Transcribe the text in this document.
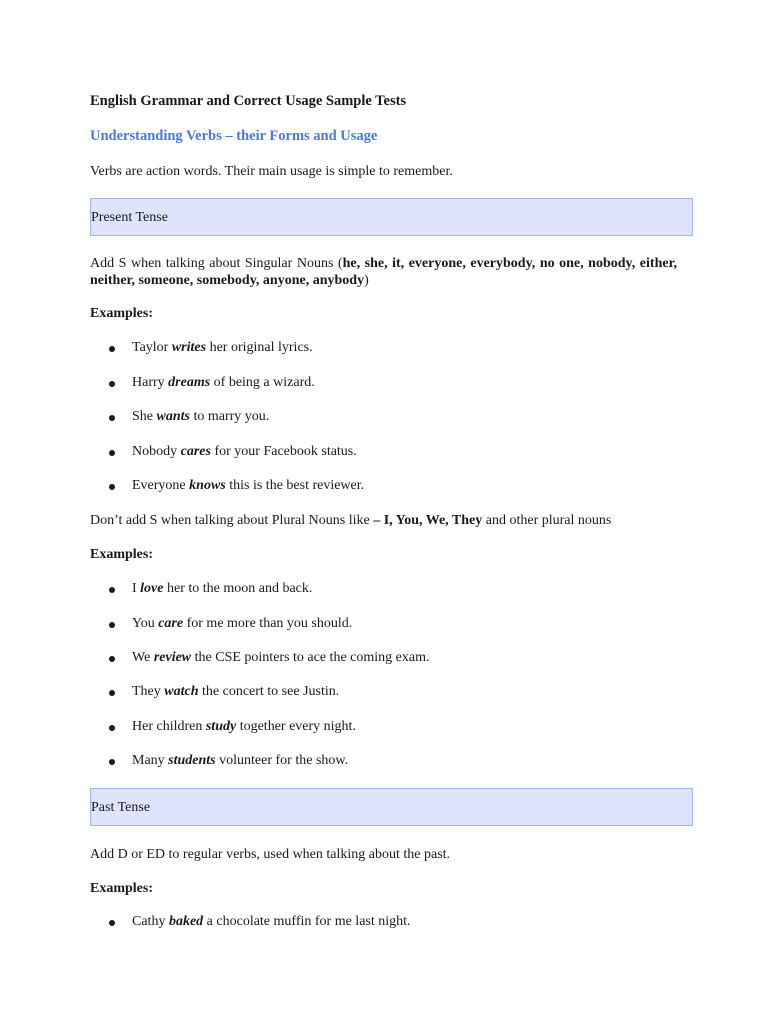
English Grammar and Correct Usage Sample Tests
Understanding Verbs – their Forms and Usage
Verbs are action words. Their main usage is simple to remember.
Present Tense
Add S when talking about Singular Nouns (he, she, it, everyone, everybody, no one, nobody, either, neither, someone, somebody, anyone, anybody)
Examples:
Taylor writes her original lyrics.
Harry dreams of being a wizard.
She wants to marry you.
Nobody cares for your Facebook status.
Everyone knows this is the best reviewer.
Don’t add S when talking about Plural Nouns like – I, You, We, They and other plural nouns
Examples:
I love her to the moon and back.
You care for me more than you should.
We review the CSE pointers to ace the coming exam.
They watch the concert to see Justin.
Her children study together every night.
Many students volunteer for the show.
Past Tense
Add D or ED to regular verbs, used when talking about the past.
Examples:
Cathy baked a chocolate muffin for me last night.
